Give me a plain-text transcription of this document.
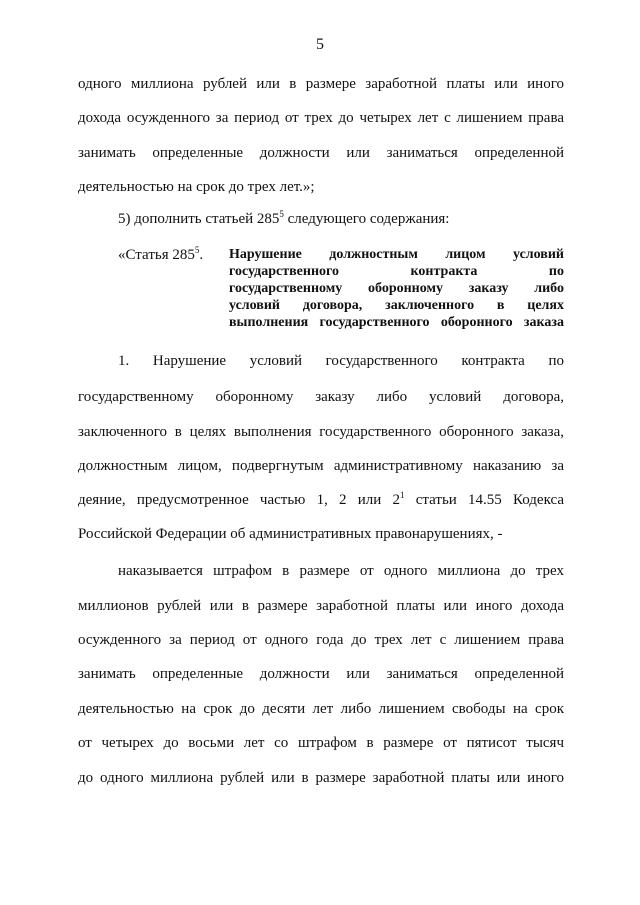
5
одного миллиона рублей или в размере заработной платы или иного
дохода осужденного за период от трех до четырех лет с лишением права
занимать определенные должности или заниматься определенной
деятельностью на срок до трех лет.»;
5) дополнить статьей $285^5$ следующего содержания:
«Статья $285^5$. Нарушение должностным лицом условий
государственного контракта по
государственному оборонному заказу либо
условий договора, заключенного в целях
выполнения государственного оборонного заказа
1. Нарушение условий государственного контракта по
государственному оборонному заказу либо условий договора,
заключенного в целях выполнения государственного оборонного заказа,
должностным лицом, подвергнутым административному наказанию за
деяние, предусмотренное частью 1, 2 или $2^1$ статьи 14.55 Кодекса
Российской Федерации об административных правонарушениях, -
наказывается штрафом в размере от одного миллиона до трех
миллионов рублей или в размере заработной платы или иного дохода
осужденного за период от одного года до трех лет с лишением права
занимать определенные должности или заниматься определенной
деятельностью на срок до десяти лет либо лишением свободы на срок
от четырех до восьми лет со штрафом в размере от пятисот тысяч
до одного миллиона рублей или в размере заработной платы или иного
